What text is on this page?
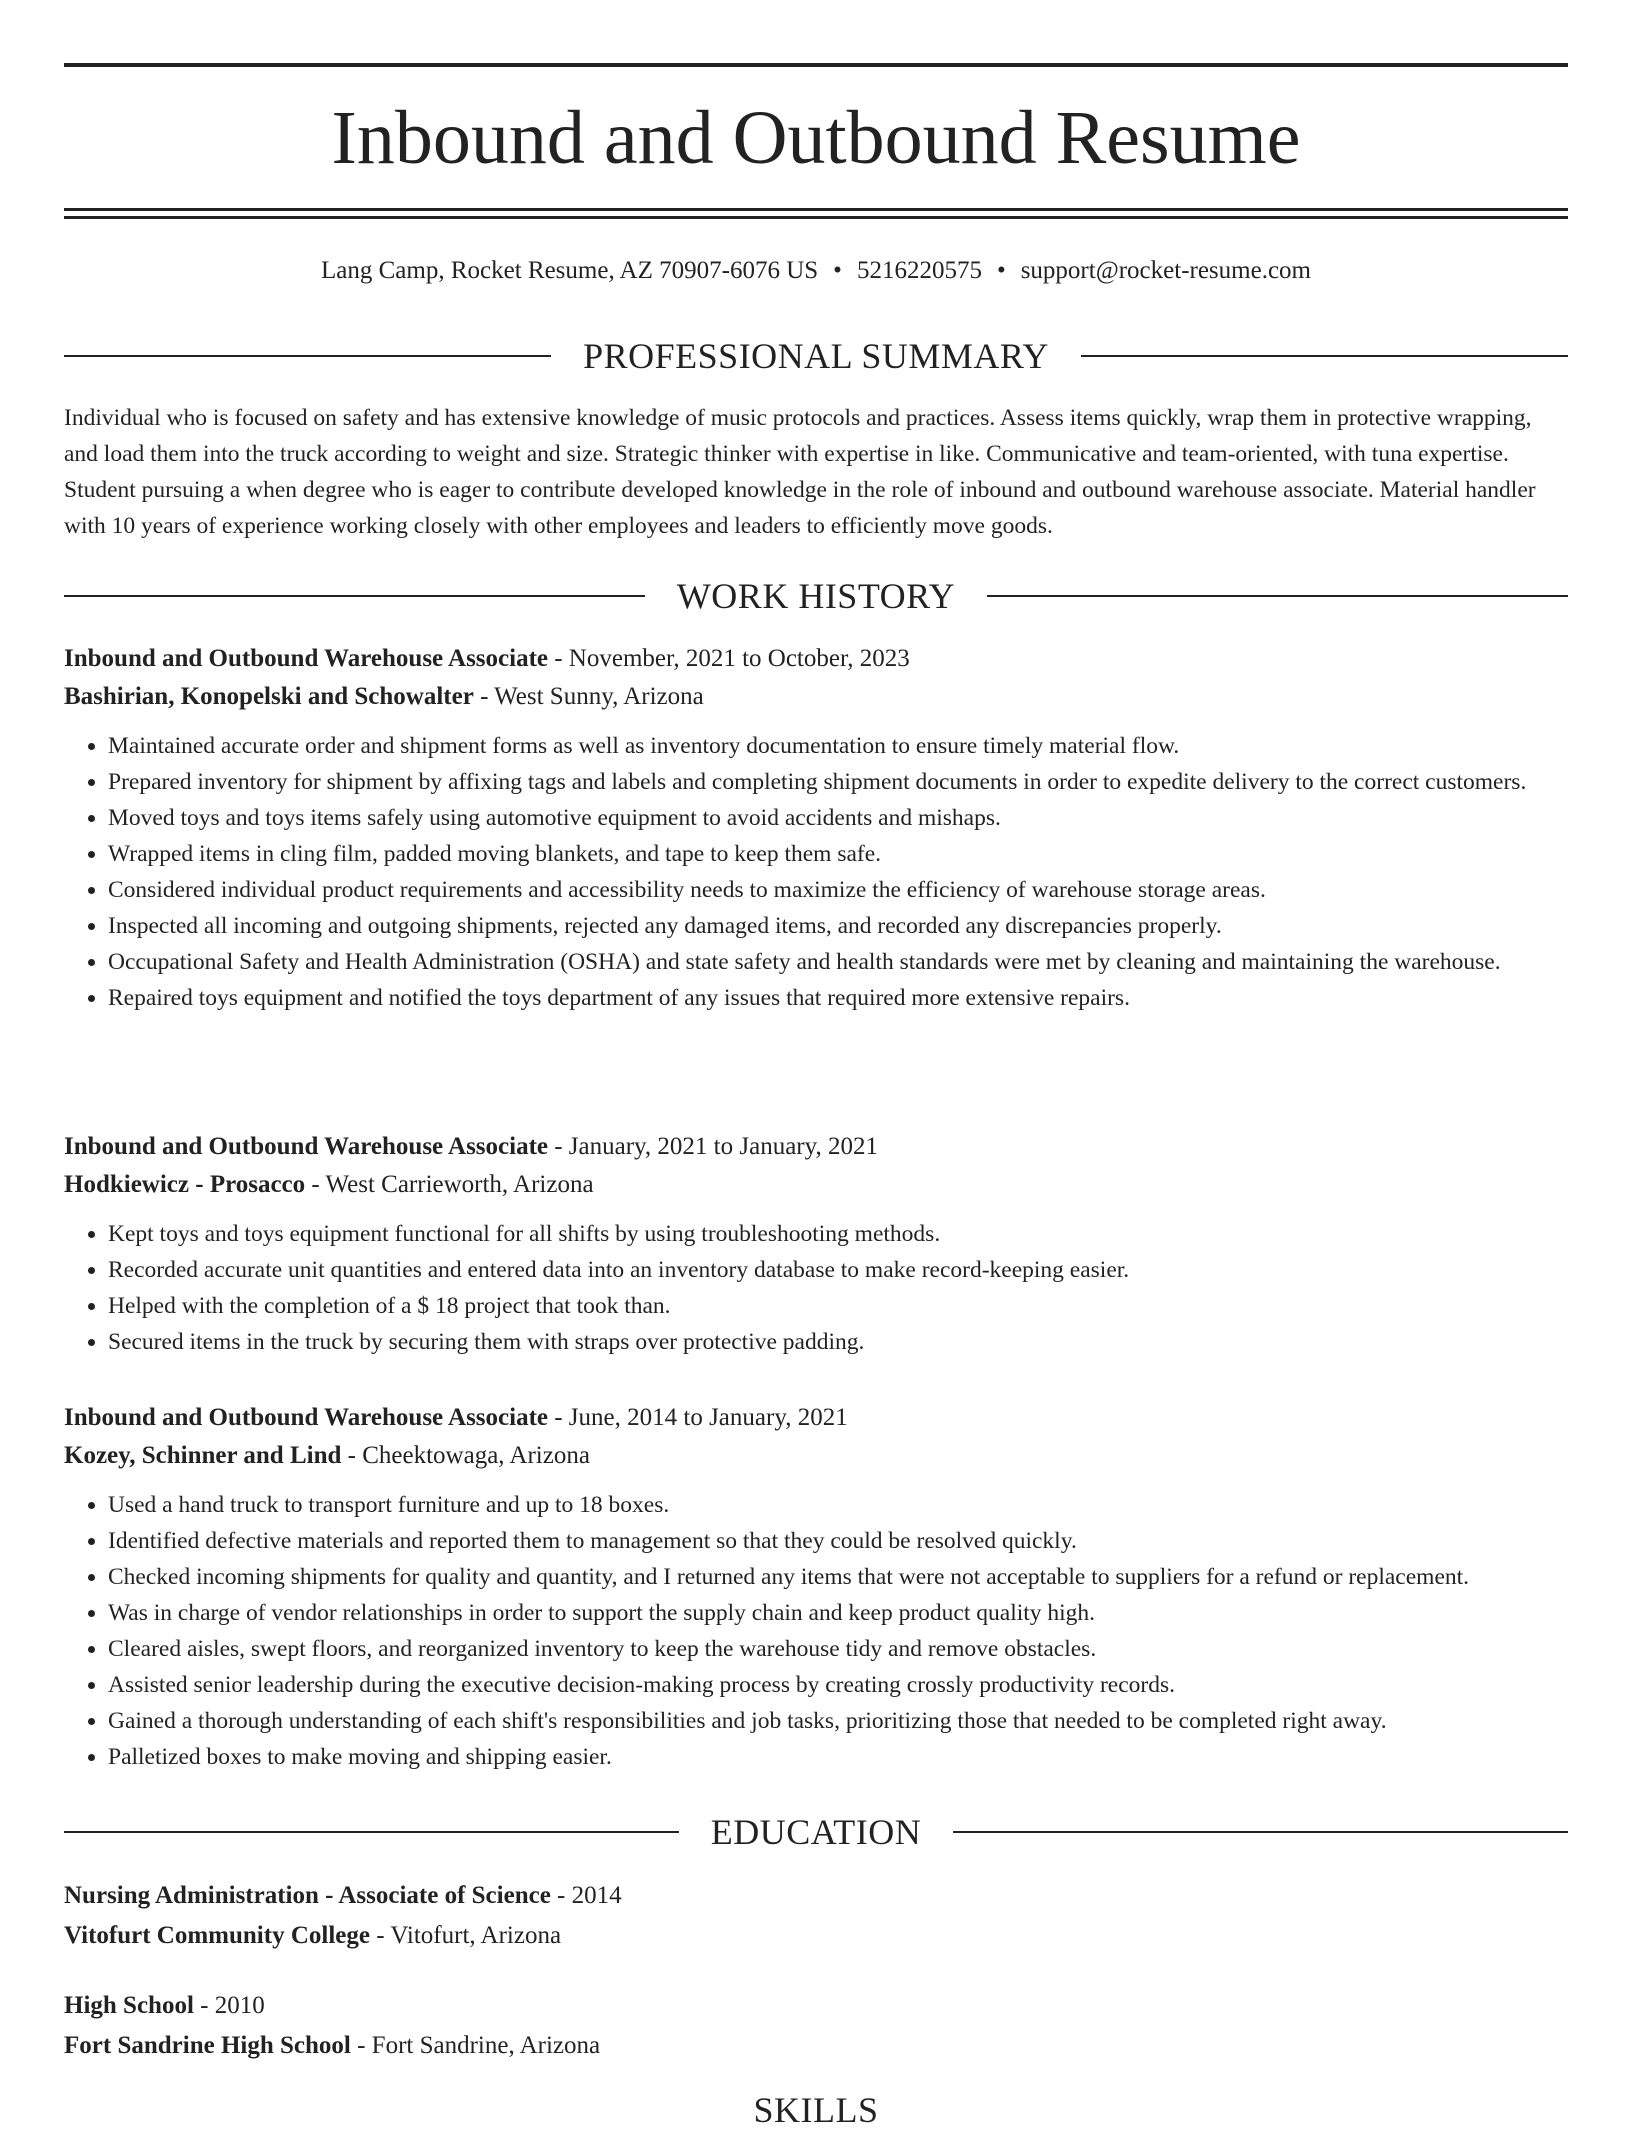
Inbound and Outbound Resume
Lang Camp, Rocket Resume, AZ 70907-6076 US • 5216220575 • support@rocket-resume.com
PROFESSIONAL SUMMARY

Individual who is focused on safety and has extensive knowledge of music protocols and practices. Assess items quickly, wrap them in protective wrapping, and load them into the truck according to weight and size. Strategic thinker with expertise in like. Communicative and team-oriented, with tuna expertise. Student pursuing a when degree who is eager to contribute developed knowledge in the role of inbound and outbound warehouse associate. Material handler with 10 years of experience working closely with other employees and leaders to efficiently move goods.

WORK HISTORY
Inbound and Outbound Warehouse Associate - November, 2021 to October, 2023
Bashirian, Konopelski and Schowalter - West Sunny, Arizona
• Maintained accurate order and shipment forms as well as inventory documentation to ensure timely material flow.
• Prepared inventory for shipment by affixing tags and labels and completing shipment documents in order to expedite delivery to the correct customers.
• Moved toys and toys items safely using automotive equipment to avoid accidents and mishaps.
• Wrapped items in cling film, padded moving blankets, and tape to keep them safe.
• Considered individual product requirements and accessibility needs to maximize the efficiency of warehouse storage areas.
• Inspected all incoming and outgoing shipments, rejected any damaged items, and recorded any discrepancies properly.
• Occupational Safety and Health Administration (OSHA) and state safety and health standards were met by cleaning and maintaining the warehouse.
• Repaired toys equipment and notified the toys department of any issues that required more extensive repairs.
Inbound and Outbound Warehouse Associate - January, 2021 to January, 2021
Hodkiewicz - Prosacco - West Carrieworth, Arizona
• Kept toys and toys equipment functional for all shifts by using troubleshooting methods.
• Recorded accurate unit quantities and entered data into an inventory database to make record-keeping easier.
• Helped with the completion of a $ 18 project that took than.
• Secured items in the truck by securing them with straps over protective padding.
Inbound and Outbound Warehouse Associate - June, 2014 to January, 2021
Kozey, Schinner and Lind - Cheektowaga, Arizona
• Used a hand truck to transport furniture and up to 18 boxes.
• Identified defective materials and reported them to management so that they could be resolved quickly.
• Checked incoming shipments for quality and quantity, and I returned any items that were not acceptable to suppliers for a refund or replacement.
• Was in charge of vendor relationships in order to support the supply chain and keep product quality high.
• Cleared aisles, swept floors, and reorganized inventory to keep the warehouse tidy and remove obstacles.
• Assisted senior leadership during the executive decision-making process by creating crossly productivity records.
• Gained a thorough understanding of each shift's responsibilities and job tasks, prioritizing those that needed to be completed right away.
• Palletized boxes to make moving and shipping easier.
EDUCATION
Nursing Administration - Associate of Science - 2014
Vitofurt Community College - Vitofurt, Arizona
High School - 2010
Fort Sandrine High School - Fort Sandrine, Arizona
SKILLS
